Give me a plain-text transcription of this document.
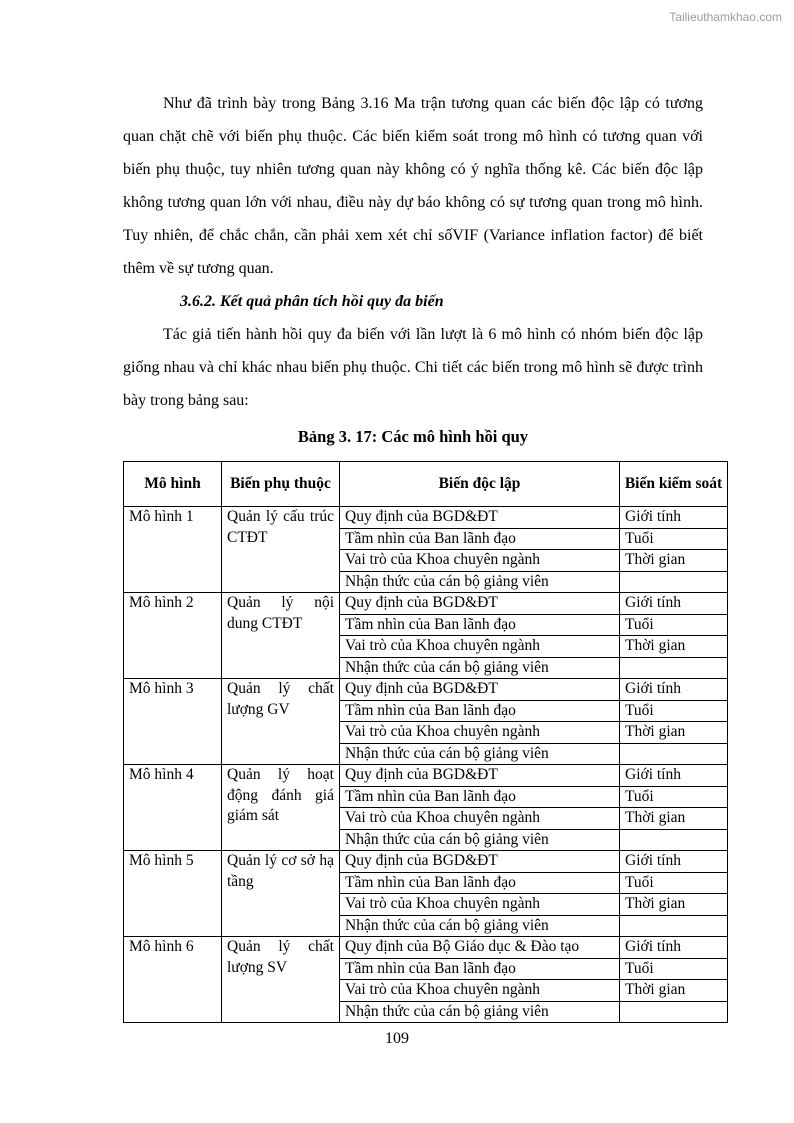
Tailieuthamkhao.com

Như đã trình bày trong Bảng 3.16 Ma trận tương quan các biến độc lập có tương quan chặt chẽ với biến phụ thuộc. Các biến kiểm soát trong mô hình có tương quan với biến phụ thuộc, tuy nhiên tương quan này không có ý nghĩa thống kê. Các biến độc lập không tương quan lớn với nhau, điều này dự báo không có sự tương quan trong mô hình. Tuy nhiên, để chắc chắn, cần phải xem xét chỉ sốVIF (Variance inflation factor) để biết thêm về sự tương quan.

3.6.2. Kết quả phân tích hồi quy đa biến

Tác giả tiến hành hồi quy đa biến với lần lượt là 6 mô hình có nhóm biến độc lập giống nhau và chỉ khác nhau biến phụ thuộc. Chi tiết các biến trong mô hình sẽ được trình bày trong bảng sau:

Bảng 3. 17: Các mô hình hồi quy
Mô hình	Biến phụ thuộc	Biến độc lập	Biến kiểm soát
Mô hình 1	Quản lý cấu trúc CTĐT	Quy định của BGD&ĐT	Giới tính
		Tầm nhìn của Ban lãnh đạo	Tuổi
		Vai trò của Khoa chuyên ngành	Thời gian
		Nhận thức của cán bộ giảng viên	
Mô hình 2	Quản lý nội dung CTĐT	Quy định của BGD&ĐT	Giới tính
		Tầm nhìn của Ban lãnh đạo	Tuổi
		Vai trò của Khoa chuyên ngành	Thời gian
		Nhận thức của cán bộ giảng viên	
Mô hình 3	Quản lý chất lượng GV	Quy định của BGD&ĐT	Giới tính
		Tầm nhìn của Ban lãnh đạo	Tuổi
		Vai trò của Khoa chuyên ngành	Thời gian
		Nhận thức của cán bộ giảng viên	
Mô hình 4	Quản lý hoạt động đánh giá giám sát	Quy định của BGD&ĐT	Giới tính
		Tầm nhìn của Ban lãnh đạo	Tuổi
		Vai trò của Khoa chuyên ngành	Thời gian
		Nhận thức của cán bộ giảng viên	
Mô hình 5	Quản lý cơ sở hạ tầng	Quy định của BGD&ĐT	Giới tính
		Tầm nhìn của Ban lãnh đạo	Tuổi
		Vai trò của Khoa chuyên ngành	Thời gian
		Nhận thức của cán bộ giảng viên	
Mô hình 6	Quản lý chất lượng SV	Quy định của Bộ Giáo dục & Đào tạo	Giới tính
		Tầm nhìn của Ban lãnh đạo	Tuổi
		Vai trò của Khoa chuyên ngành	Thời gian
		Nhận thức của cán bộ giảng viên	
109
